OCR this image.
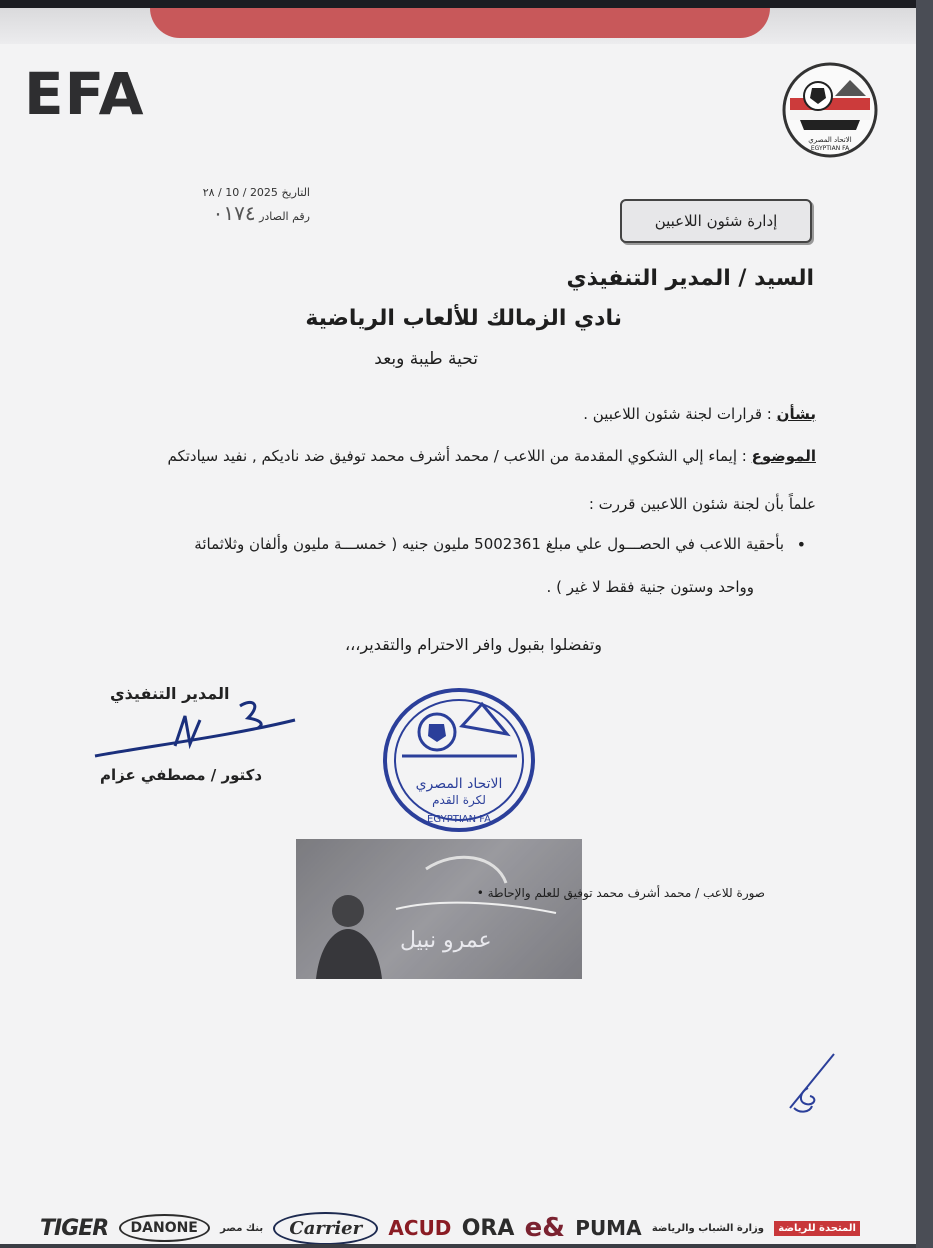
EFA
الاتحاد المصري
EGYPTIAN FA
التاريخ 2025 / 10 / ٢٨
رقم الصادر ٠١٧٤	إدارة شئون اللاعبين
السيد / المدير التنفيذي
نادي الزمالك للألعاب الرياضية
تحية طيبة وبعد
بشأن : قرارات لجنة شئون اللاعبين .
الموضوع : إيماء إلي الشكوي المقدمة من اللاعب / محمد أشرف محمد توفيق ضد ناديكم , نفيد سيادتكم
علماً بأن لجنة شئون اللاعبين قررت :
• بأحقية اللاعب في الحصـــول علي مبلغ 5002361 مليون جنيه ( خمســـة مليون وألفان وثلاثمائة
وواحد وستون جنية فقط لا غير ) .
وتفضلوا بقبول وافر الاحترام والتقدير،،،
المدير التنفيذي
دكتور / مصطفي عزام	الاتحاد المصري
لكرة القدم
EGYPTIAN FA
صورة للاعب / محمد أشرف محمد توفيق للعلم والإحاطة •
عمرو نبيل
TIGER	DANONE	بنك مصر	Carrier	ACUD ORA e& PUMA وزارة الشباب والرياضة	المتحدة للرياضة
